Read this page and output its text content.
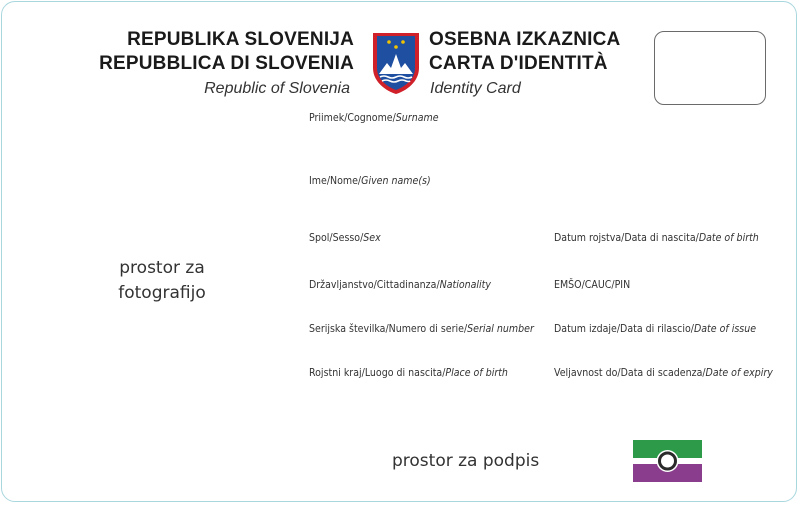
REPUBLIKA SLOVENIJA
REPUBBLICA DI SLOVENIA
Republic of Slovenia
OSEBNA IZKAZNICA
CARTA D'IDENTITÀ
Identity Card
Priimek/Cognome/Surname
Ime/Nome/Given name(s)
Spol/Sesso/Sex
Državljanstvo/Cittadinanza/Nationality
Serijska številka/Numero di serie/Serial number
Rojstni kraj/Luogo di nascita/Place of birth
Datum rojstva/Data di nascita/Date of birth
EMŠO/CAUC/PIN
Datum izdaje/Data di rilascio/Date of issue
Veljavnost do/Data di scadenza/Date of expiry
prostor za
fotografijo
prostor za podpis
